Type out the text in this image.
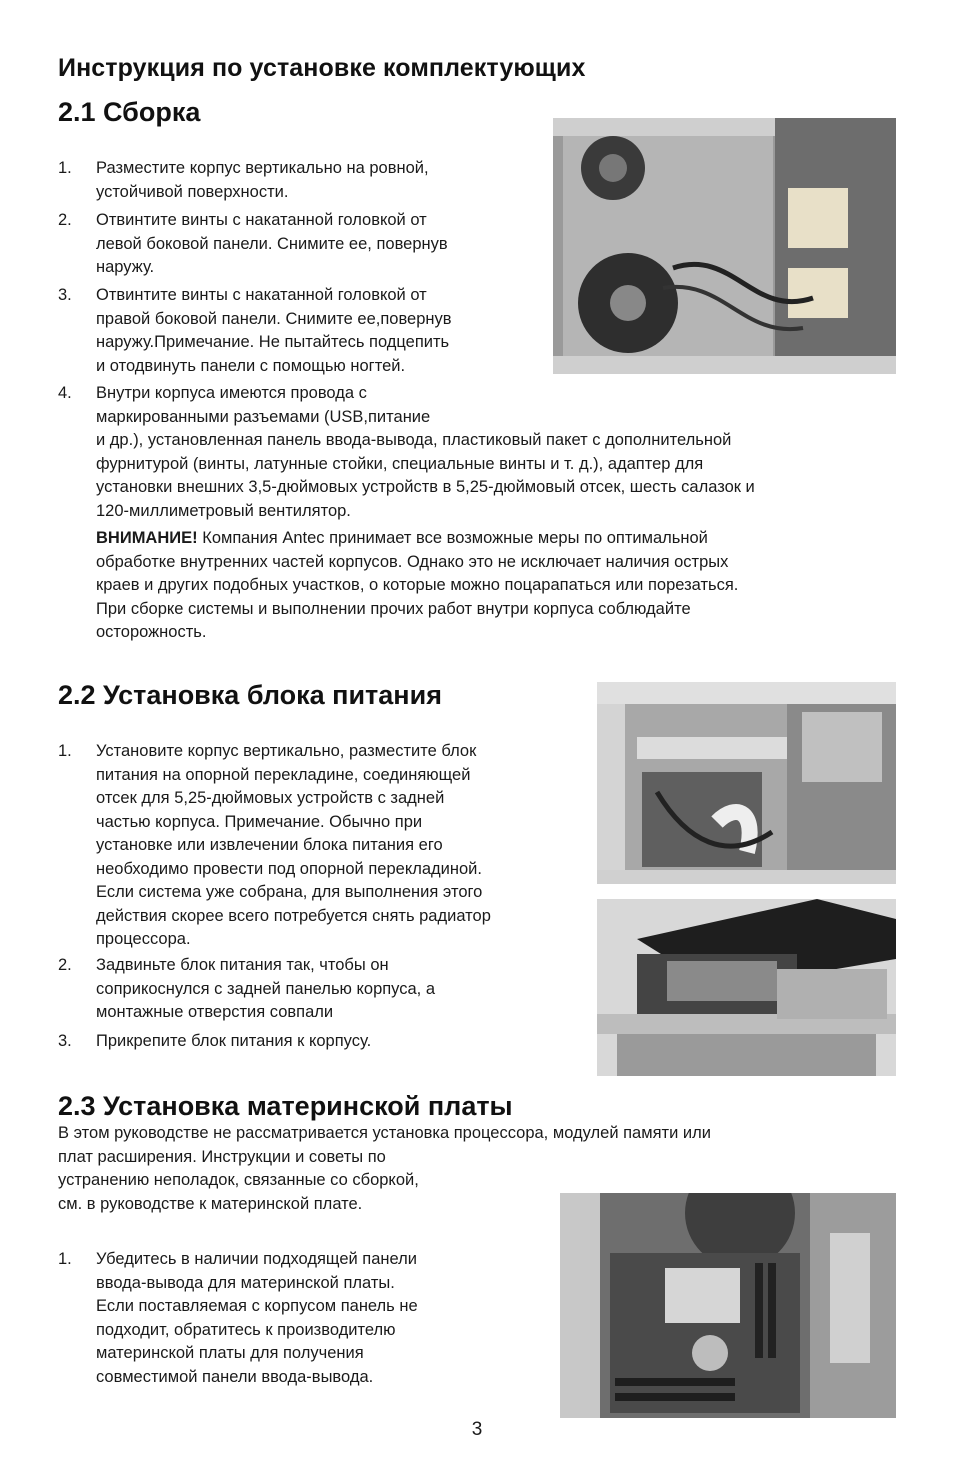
Инструкция по установке комплектующих
2.1 Сборка
1. Разместите корпус вертикально на ровной,
устойчивой поверхности.
2. Отвинтите винты с накатанной головкой от
левой боковой панели. Снимите ее, повернув
наружу.
3. Отвинтите винты с накатанной головкой от
правой боковой панели. Снимите ее,повернув
наружу.Примечание. Не пытайтесь подцепить
и отодвинуть панели с помощью ногтей.
4. Внутри корпуса имеются провода с
маркированными разъемами (USB,питание
и др.), установленная панель ввода-вывода, пластиковый пакет с дополнительной
фурнитурой (винты, латунные стойки, специальные винты и т. д.), адаптер для
установки внешних 3,5-дюймовых устройств в 5,25-дюймовый отсек, шесть салазок и
120-миллиметровый вентилятор.
ВНИМАНИЕ! Компания Antec принимает все возможные меры по оптимальной
обработке внутренних частей корпусов. Однако это не исключает наличия острых
краев и других подобных участков, о которые можно поцарапаться или порезаться.
При сборке системы и выполнении прочих работ внутри корпуса соблюдайте
осторожность.
2.2 Установка блока питания
1. Установите корпус вертикально, разместите блок
питания на опорной перекладине, соединяющей
отсек для 5,25-дюймовых устройств с задней
частью корпуса. Примечание. Обычно при
установке или извлечении блока питания его
необходимо провести под опорной перекладиной.
Если система уже собрана, для выполнения этого
действия скорее всего потребуется снять радиатор
процессора.
2. Задвиньте блок питания так, чтобы он
соприкоснулся с задней панелью корпуса, а
монтажные отверстия совпали
3. Прикрепите блок питания к корпусу.
2.3 Установка материнской платы
В этом руководстве не рассматривается установка процессора, модулей памяти или
плат расширения. Инструкции и советы по
устранению неполадок, связанные со сборкой,
см. в руководстве к материнской плате.
1. Убедитесь в наличии подходящей панели
ввода-вывода для материнской платы.
Если поставляемая с корпусом панель не
подходит, обратитесь к производителю
материнской платы для получения
совместимой панели ввода-вывода.
3
